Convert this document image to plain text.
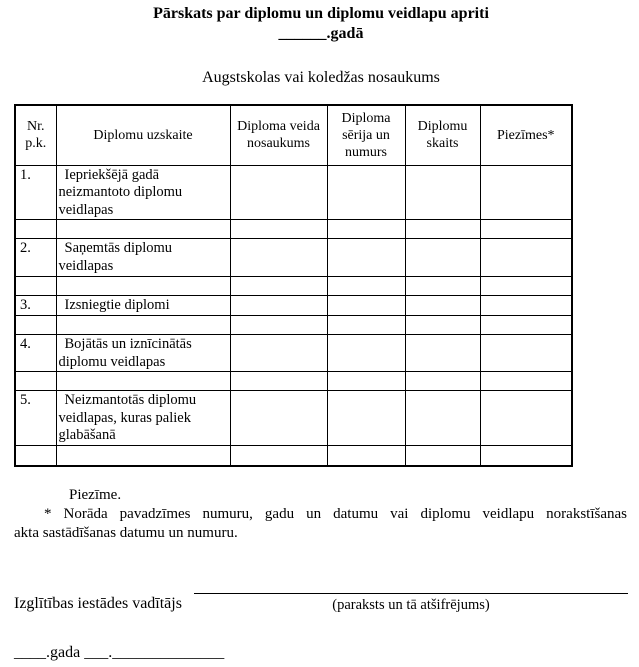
Pārskats par diplomu un diplomu veidlapu apriti
______.gadā
Augstskolas vai koledžas nosaukums
Nr. p.k.	Diplomu uzskaite	Diploma veida nosaukums	Diploma sērija un numurs	Diplomu skaits	Piezīmes*
1.	Iepriekšējā gadā neizmantoto diplomu veidlapas				

2.	Saņemtās diplomu veidlapas				

3.	Izsniegtie diplomi				

4.	Bojātās un iznīcinātās diplomu veidlapas				

5.	Neizmantotās diplomu veidlapas, kuras paliek glabāšanā				

Piezīme.
* Norāda pavadzīmes numuru, gadu un datumu vai diplomu veidlapu norakstīšanas
akta sastādīšanas datumu un numuru.
Izglītības iestādes vadītājs	(paraksts un tā atšifrējums)
____.gada ___.______________
